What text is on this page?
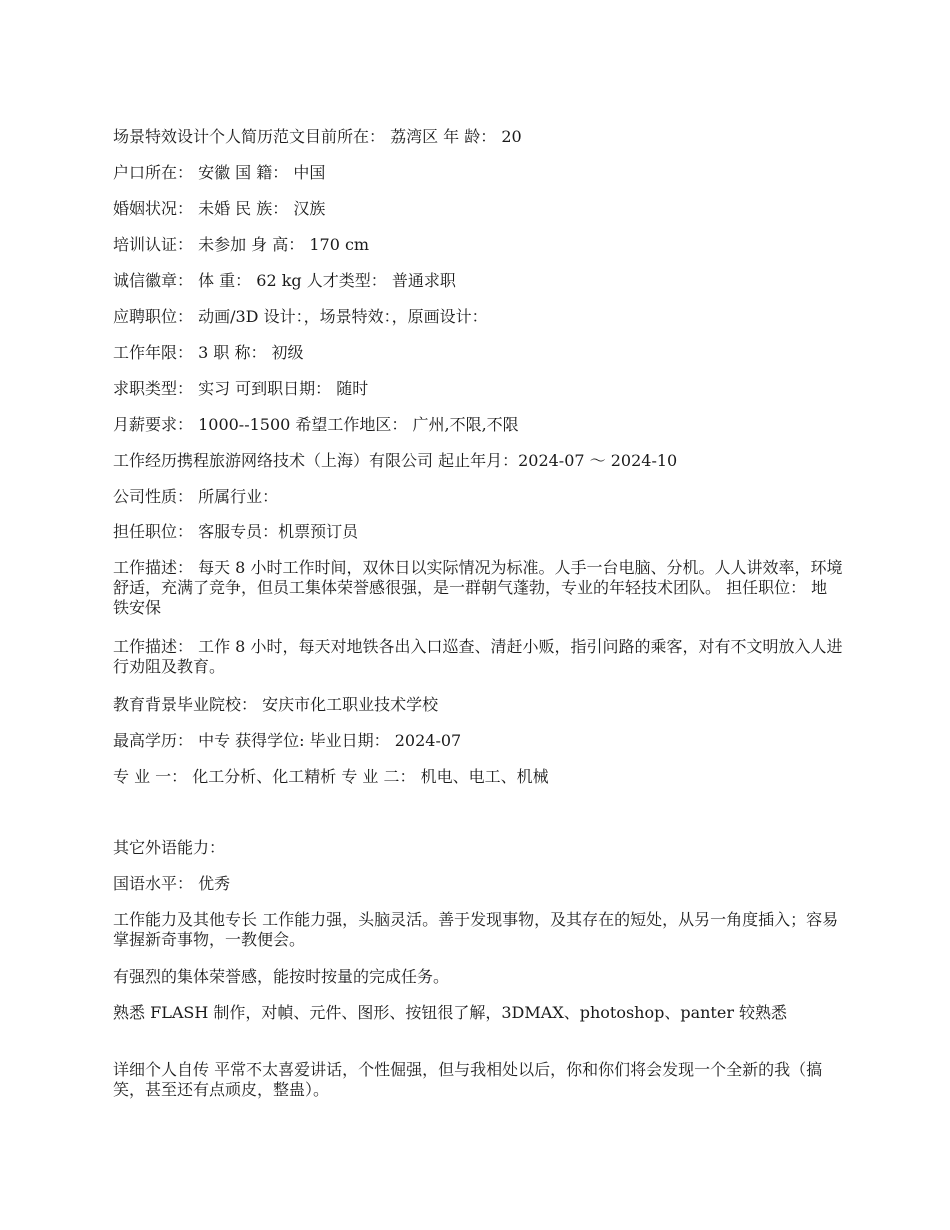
场景特效设计个人简历范文目前所在： 荔湾区 年 龄： 20
户口所在： 安徽 国 籍： 中国
婚姻状况： 未婚 民 族： 汉族
培训认证： 未参加 身 高： 170 cm
诚信徽章： 体 重： 62 kg 人才类型： 普通求职
应聘职位： 动画/3D 设计：，场景特效：，原画设计：
工作年限： 3 职 称： 初级
求职类型： 实习 可到职日期： 随时
月薪要求： 1000--1500 希望工作地区： 广州,不限,不限
工作经历携程旅游网络技术（上海）有限公司 起止年月：2024-07 ～ 2024-10
公司性质： 所属行业：
担任职位： 客服专员：机票预订员
工作描述： 每天 8 小时工作时间，双休日以实际情况为标准。人手一台电脑、分机。人人讲效率，环境舒适，充满了竞争，但员工集体荣誉感很强，是一群朝气蓬勃，专业的年轻技术团队。 担任职位： 地铁安保
工作描述： 工作 8 小时，每天对地铁各出入口巡查、清赶小贩，指引问路的乘客，对有不文明放入人进行劝阻及教育。
教育背景毕业院校： 安庆市化工职业技术学校
最高学历： 中专 获得学位: 毕业日期： 2024-07
专 业 一： 化工分析、化工精析 专 业 二： 机电、电工、机械
其它外语能力：
国语水平： 优秀
工作能力及其他专长 工作能力强，头脑灵活。善于发现事物，及其存在的短处，从另一角度插入；容易掌握新奇事物，一教便会。
有强烈的集体荣誉感，能按时按量的完成任务。
熟悉 FLASH 制作，对幀、元件、图形、按钮很了解，3DMAX、photoshop、panter 较熟悉
详细个人自传 平常不太喜爱讲话，个性倔强，但与我相处以后，你和你们将会发现一个全新的我（搞笑，甚至还有点顽皮，整蛊）。
